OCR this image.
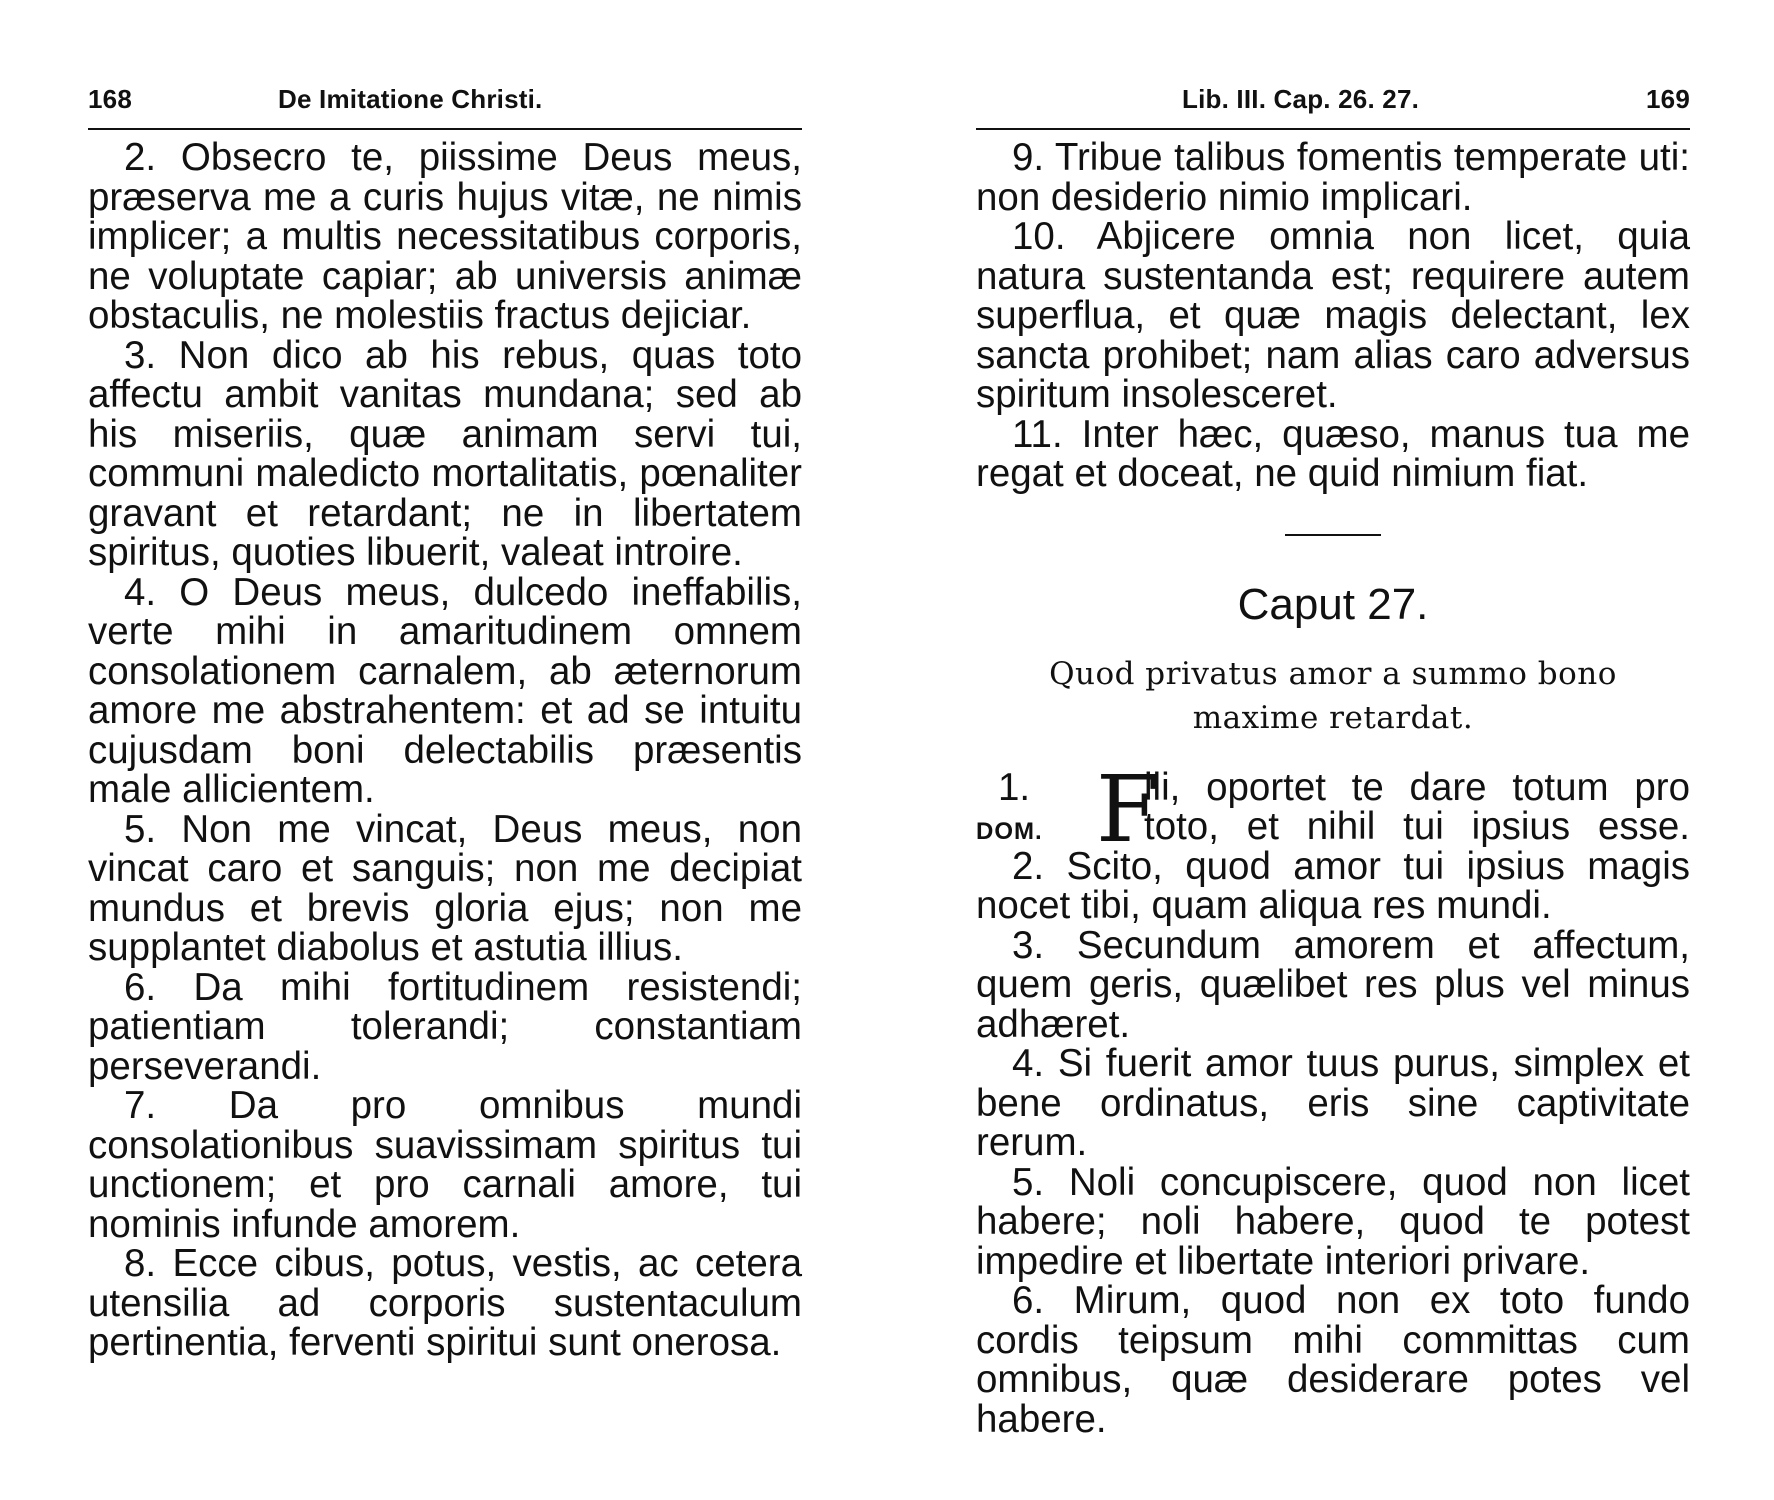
168	De Imitatione Christi.

2. Obsecro te, piissime Deus meus, præserva me a curis hujus vitæ, ne nimis implicer; a multis necessitatibus corporis, ne voluptate capiar; ab universis animæ obstaculis, ne molestiis fractus dejiciar.

3. Non dico ab his rebus, quas toto affectu ambit vanitas mundana; sed ab his miseriis, quæ animam servi tui, communi maledicto mortalitatis, pœnaliter gravant et retardant; ne in libertatem spiritus, quoties libuerit, valeat introire.

4. O Deus meus, dulcedo ineffabilis, verte mihi in amaritudinem omnem consolationem carnalem, ab æternorum amore me abstrahentem: et ad se intuitu cujusdam boni delectabilis præsentis male allicientem.

5. Non me vincat, Deus meus, non vincat caro et sanguis; non me decipiat mundus et brevis gloria ejus; non me supplantet diabolus et astutia illius.

6. Da mihi fortitudinem resistendi; patientiam tolerandi; constantiam perseverandi.

7. Da pro omnibus mundi consolationibus suavissimam spiritus tui unctionem; et pro carnali amore, tui nominis infunde amorem.

8. Ecce cibus, potus, vestis, ac cetera utensilia ad corporis sustentaculum pertinentia, ferventi spiritui sunt onerosa.

Lib. III. Cap. 26. 27.	169

9. Tribue talibus fomentis temperate uti: non desiderio nimio implicari.

10. Abjicere omnia non licet, quia natura sustentanda est; requirere autem superflua, et quæ magis delectant, lex sancta prohibet; nam alias caro adversus spiritum insolesceret.

11. Inter hæc, quæso, manus tua me regat et doceat, ne quid nimium fiat.

Caput 27.
Quod privatus amor a summo bono
maxime retardat.
1.
DOM. F
ili, oportet te dare totum pro
toto, et nihil tui ipsius esse.

2. Scito, quod amor tui ipsius magis nocet tibi, quam aliqua res mundi.

3. Secundum amorem et affectum, quem geris, quælibet res plus vel minus adhæret.

4. Si fuerit amor tuus purus, simplex et bene ordinatus, eris sine captivitate rerum.

5. Noli concupiscere, quod non licet habere; noli habere, quod te potest impedire et libertate interiori privare.

6. Mirum, quod non ex toto fundo cordis teipsum mihi committas cum omnibus, quæ desiderare potes vel habere.
